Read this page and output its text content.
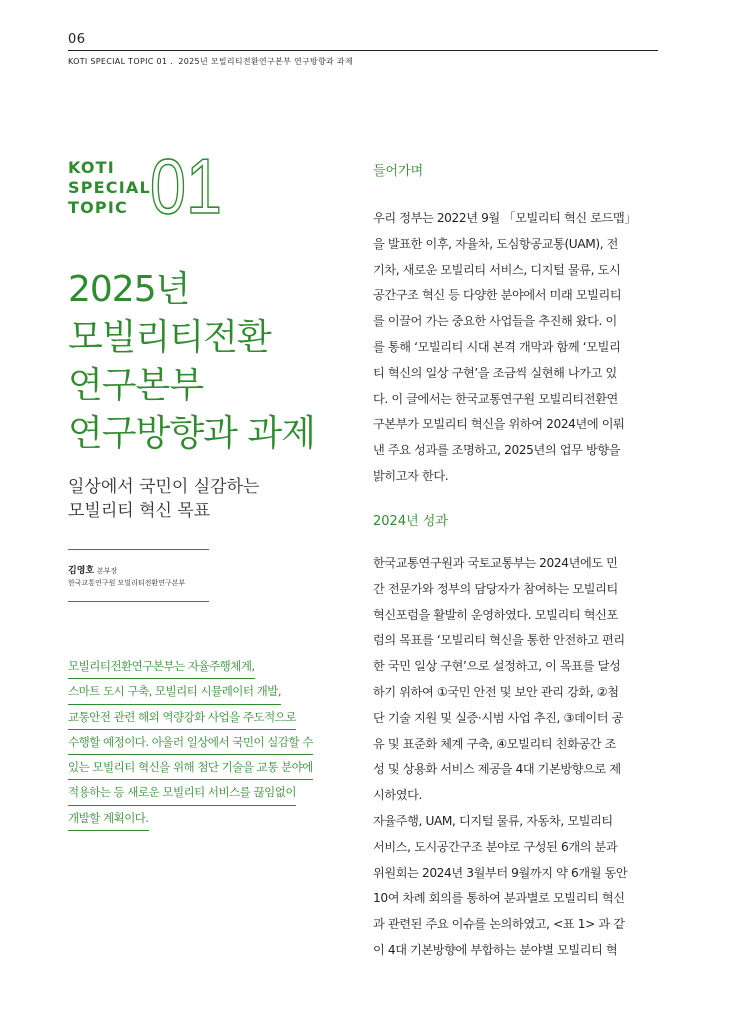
06
KOTI SPECIAL TOPIC 01 ．2025년 모빌리티전환연구본부 연구방향과 과제
KOTI
SPECIAL
TOPIC 01
2025년
모빌리티전환
연구본부
연구방향과 과제
일상에서 국민이 실감하는
모빌리티 혁신 목표
김영호 본부장
한국교통연구원 모빌리티전환연구본부
모빌리티전환연구본부는 자율주행체계,
스마트 도시 구축, 모빌리티 시뮬레이터 개발,
교통안전 관련 해외 역량강화 사업을 주도적으로
수행할 예정이다. 아울러 일상에서 국민이 실감할 수
있는 모빌리티 혁신을 위해 첨단 기술을 교통 분야에
적용하는 등 새로운 모빌리티 서비스를 끊임없이
개발할 계획이다.
들어가며
우리 정부는 2022년 9월 「모빌리티 혁신 로드맵」
을 발표한 이후, 자율차, 도심항공교통(UAM), 전
기차, 새로운 모빌리티 서비스, 디지털 물류, 도시
공간구조 혁신 등 다양한 분야에서 미래 모빌리티
를 이끌어 가는 중요한 사업들을 추진해 왔다. 이
를 통해 ‘모빌리티 시대 본격 개막과 함께 ‘모빌리
티 혁신의 일상 구현’을 조금씩 실현해 나가고 있
다. 이 글에서는 한국교통연구원 모빌리티전환연
구본부가 모빌리티 혁신을 위하여 2024년에 이뤄
낸 주요 성과를 조명하고, 2025년의 업무 방향을
밝히고자 한다.
2024년 성과
한국교통연구원과 국토교통부는 2024년에도 민
간 전문가와 정부의 담당자가 참여하는 모빌리티
혁신포럼을 활발히 운영하였다. 모빌리티 혁신포
럼의 목표를 ‘모빌리티 혁신을 통한 안전하고 편리
한 국민 일상 구현’으로 설정하고, 이 목표를 달성
하기 위하여 ①국민 안전 및 보안 관리 강화, ②첨
단 기술 지원 및 실증·시범 사업 추진, ③데이터 공
유 및 표준화 체계 구축, ④모빌리티 친화공간 조
성 및 상용화 서비스 제공을 4대 기본방향으로 제
시하였다.
자율주행, UAM, 디지털 물류, 자동차, 모빌리티
서비스, 도시공간구조 분야로 구성된 6개의 분과
위원회는 2024년 3월부터 9월까지 약 6개월 동안
10여 차례 회의를 통하여 분과별로 모빌리티 혁신
과 관련된 주요 이슈를 논의하였고, <표 1> 과 같
이 4대 기본방향에 부합하는 분야별 모빌리티 혁
